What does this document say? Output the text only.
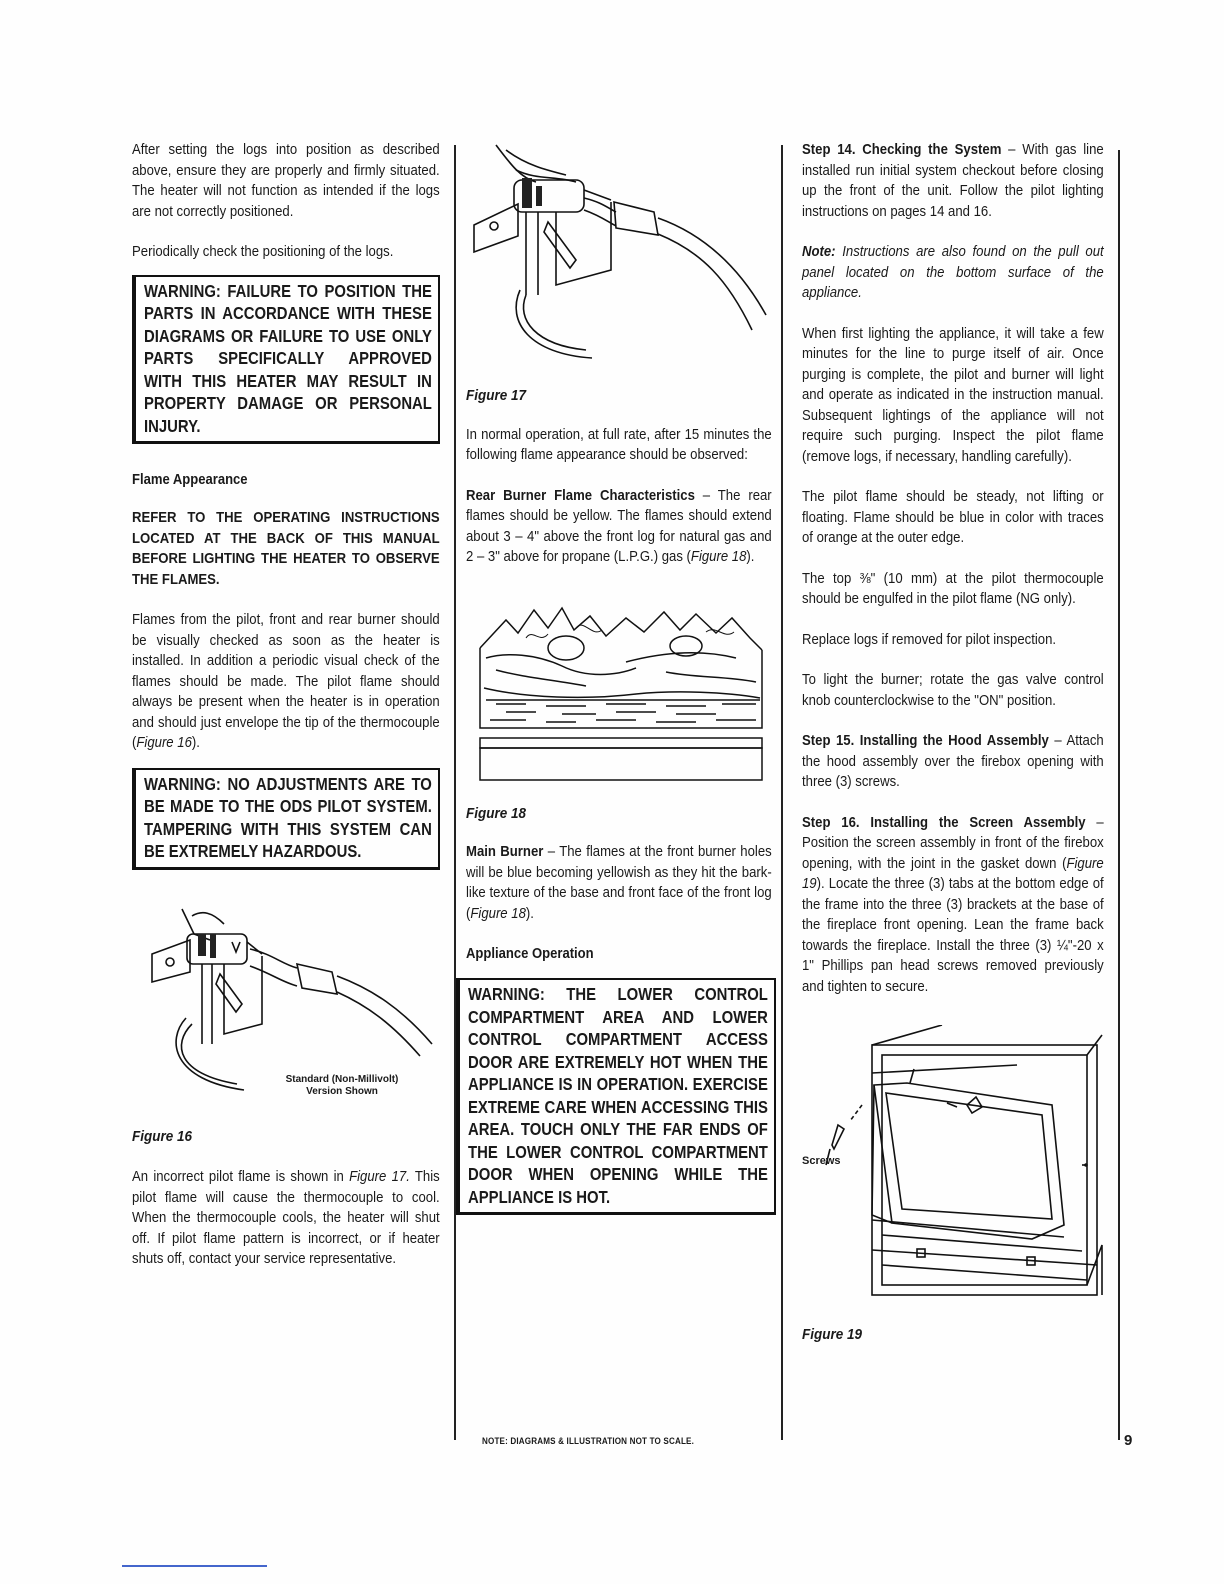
After setting the logs into position as described above, ensure they are properly and firmly situated. The heater will not function as intended if the logs are not correctly positioned.

Periodically check the positioning of the logs.

WARNING: FAILURE TO POSITION THE PARTS IN ACCORDANCE WITH THESE DIAGRAMS OR FAILURE TO USE ONLY PARTS SPECIFICALLY APPROVED WITH THIS HEATER MAY RESULT IN PROPERTY DAMAGE OR PERSONAL INJURY.

Flame Appearance

REFER TO THE OPERATING INSTRUCTIONS LOCATED AT THE BACK OF THIS MANUAL BEFORE LIGHTING THE HEATER TO OBSERVE THE FLAMES.

Flames from the pilot, front and rear burner should be visually checked as soon as the heater is installed. In addition a periodic visual check of the flames should be made. The pilot flame should always be present when the heater is in operation and should just envelope the tip of the thermocouple (Figure 16).

WARNING: NO ADJUSTMENTS ARE TO BE MADE TO THE ODS PILOT SYSTEM. TAMPERING WITH THIS SYSTEM CAN BE EXTREMELY HAZARDOUS.

Standard (Non-Millivolt)
Version Shown

Figure 16

An incorrect pilot flame is shown in Figure 17. This pilot flame will cause the thermocouple to cool. When the thermocouple cools, the heater will shut off. If pilot flame pattern is incorrect, or if heater shuts off, contact your service representative.

Figure 17

In normal operation, at full rate, after 15 minutes the following flame appearance should be observed:

Rear Burner Flame Characteristics – The rear flames should be yellow. The flames should extend about 3 – 4" above the front log for natural gas and 2 – 3" above for propane (L.P.G.) gas (Figure 18).

Figure 18

Main Burner – The flames at the front burner holes will be blue becoming yellowish as they hit the bark-like texture of the base and front face of the front log (Figure 18).

Appliance Operation

WARNING: THE LOWER CONTROL COMPARTMENT AREA AND LOWER CONTROL COMPARTMENT ACCESS DOOR ARE EXTREMELY HOT WHEN THE APPLIANCE IS IN OPERATION. EXERCISE EXTREME CARE WHEN ACCESSING THIS AREA. TOUCH ONLY THE FAR ENDS OF THE LOWER CONTROL COMPARTMENT DOOR WHEN OPENING WHILE THE APPLIANCE IS HOT.

Step 14. Checking the System – With gas line installed run initial system checkout before closing up the front of the unit. Follow the pilot lighting instructions on pages 14 and 16.

Note: Instructions are also found on the pull out panel located on the bottom surface of the appliance.

When first lighting the appliance, it will take a few minutes for the line to purge itself of air. Once purging is complete, the pilot and burner will light and operate as indicated in the instruction manual. Subsequent lightings of the appliance will not require such purging. Inspect the pilot flame (remove logs, if necessary, handling carefully).

The pilot flame should be steady, not lifting or floating. Flame should be blue in color with traces of orange at the outer edge.

The top ⅜" (10 mm) at the pilot thermocouple should be engulfed in the pilot flame (NG only).

Replace logs if removed for pilot inspection.

To light the burner; rotate the gas valve control knob counterclockwise to the "ON" position.

Step 15. Installing the Hood Assembly – Attach the hood assembly over the firebox opening with three (3) screws.

Step 16. Installing the Screen Assembly – Position the screen assembly in front of the firebox opening, with the joint in the gasket down (Figure 19). Locate the three (3) tabs at the bottom edge of the frame into the three (3) brackets at the base of the fireplace front opening. Lean the frame back towards the fireplace. Install the three (3) ¼"-20 x 1" Phillips pan head screws removed previously and tighten to secure.

Screws

Figure 19

NOTE: DIAGRAMS & ILLUSTRATION NOT TO SCALE.	9
